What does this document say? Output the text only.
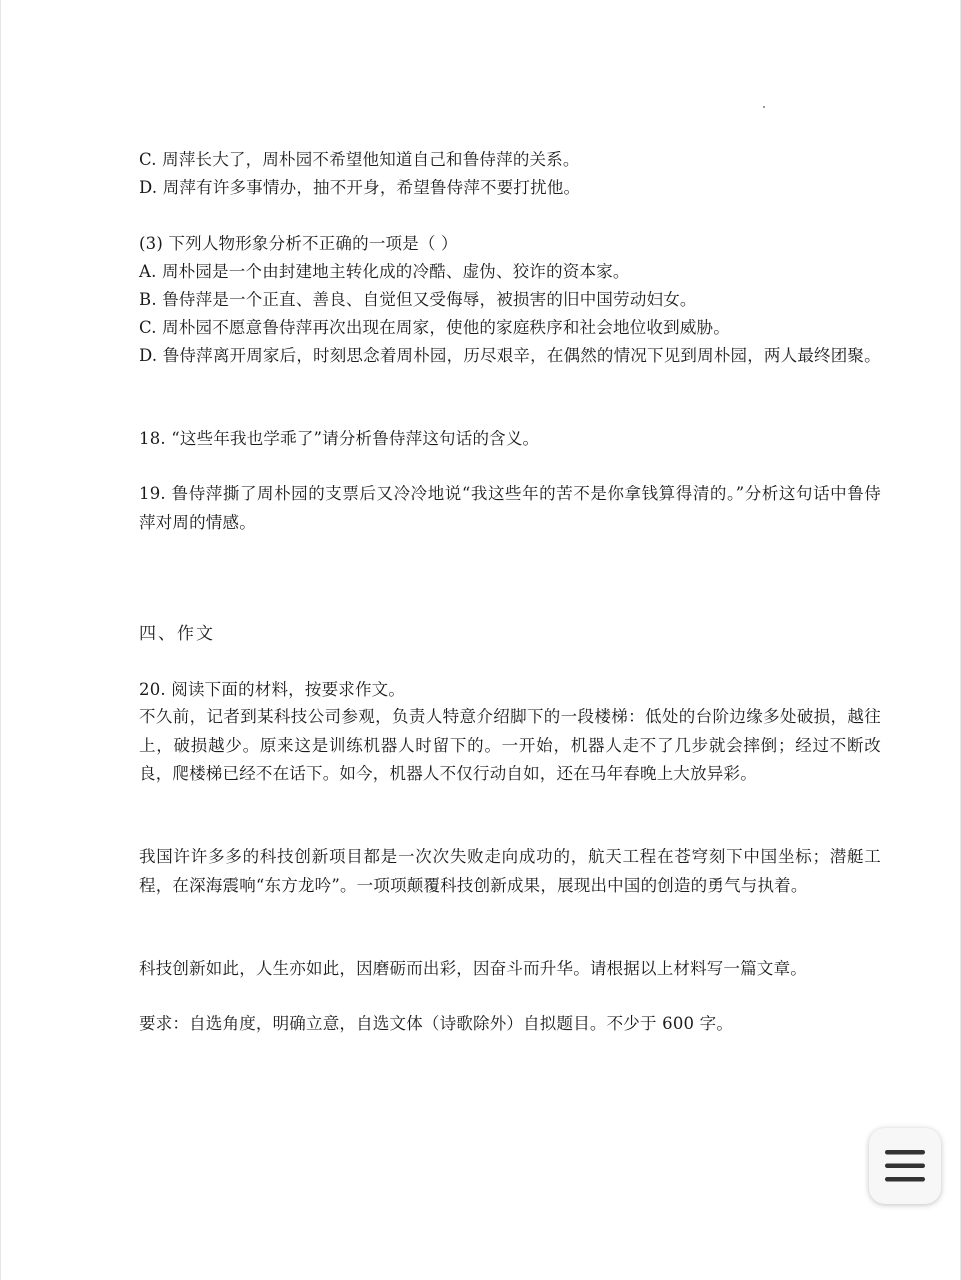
C. 周萍长大了，周朴园不希望他知道自己和鲁侍萍的关系。
D. 周萍有许多事情办，抽不开身，希望鲁侍萍不要打扰他。
(3) 下列人物形象分析不正确的一项是（ ）
A. 周朴园是一个由封建地主转化成的冷酷、虚伪、狡诈的资本家。
B. 鲁侍萍是一个正直、善良、自觉但又受侮辱，被损害的旧中国劳动妇女。
C. 周朴园不愿意鲁侍萍再次出现在周家，使他的家庭秩序和社会地位收到威胁。
D. 鲁侍萍离开周家后，时刻思念着周朴园，历尽艰辛，在偶然的情况下见到周朴园，两人最终团聚。
18. “这些年我也学乖了”请分析鲁侍萍这句话的含义。
19. 鲁侍萍撕了周朴园的支票后又冷冷地说“我这些年的苦不是你拿钱算得清的。”分析这句话中鲁侍萍对周的情感。
四、作文
20. 阅读下面的材料，按要求作文。
不久前，记者到某科技公司参观，负责人特意介绍脚下的一段楼梯：低处的台阶边缘多处破损，越往上，破损越少。原来这是训练机器人时留下的。一开始，机器人走不了几步就会摔倒；经过不断改良，爬楼梯已经不在话下。如今，机器人不仅行动自如，还在马年春晚上大放异彩。
我国许许多多的科技创新项目都是一次次失败走向成功的，航天工程在苍穹刻下中国坐标；潜艇工程，在深海震响“东方龙吟”。一项项颠覆科技创新成果，展现出中国的创造的勇气与执着。
科技创新如此，人生亦如此，因磨砺而出彩，因奋斗而升华。请根据以上材料写一篇文章。
要求：自选角度，明确立意，自选文体（诗歌除外）自拟题目。不少于 600 字。
